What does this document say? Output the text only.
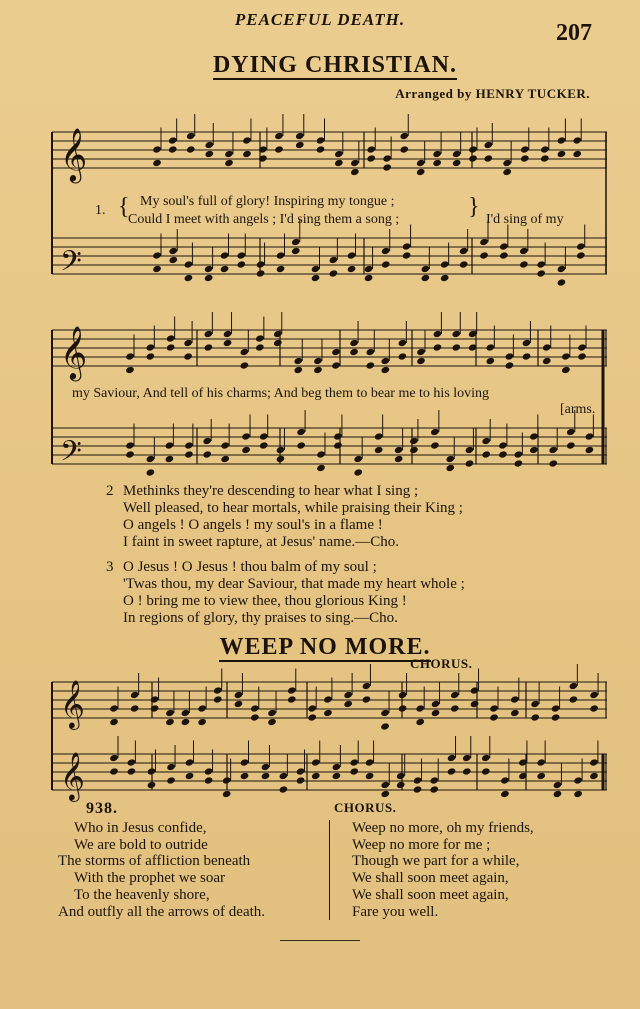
PEACEFUL DEATH.
207
DYING CHRISTIAN.
Arranged by HENRY TUCKER.
𝄞
𝄢
1. { My soul's full of glory! Inspiring my tongue ;
Could I meet with angels ; I'd sing them a song ;	} I'd sing of my
𝄞
𝄢
my Saviour, And tell of his charms; And beg them to bear me to his loving
[arms.
2 Methinks they're descending to hear what I sing ;
Well pleased, to hear mortals, while praising their King ;
O angels ! O angels ! my soul's in a flame !
I faint in sweet rapture, at Jesus' name.—Cho.
3 O Jesus ! O Jesus ! thou balm of my soul ;
'Twas thou, my dear Saviour, that made my heart whole ;
O ! bring me to view thee, thou glorious King !
In regions of glory, thy praises to sing.—Cho.
WEEP NO MORE.
CHORUS.
𝄞
𝄞
938.
Who in Jesus confide,
We are bold to outride
The storms of affliction beneath
With the prophet we soar
To the heavenly shore,
And outfly all the arrows of death.
CHORUS.
Weep no more, oh my friends,
Weep no more for me ;
Though we part for a while,
We shall soon meet again,
We shall soon meet again,
Fare you well.
